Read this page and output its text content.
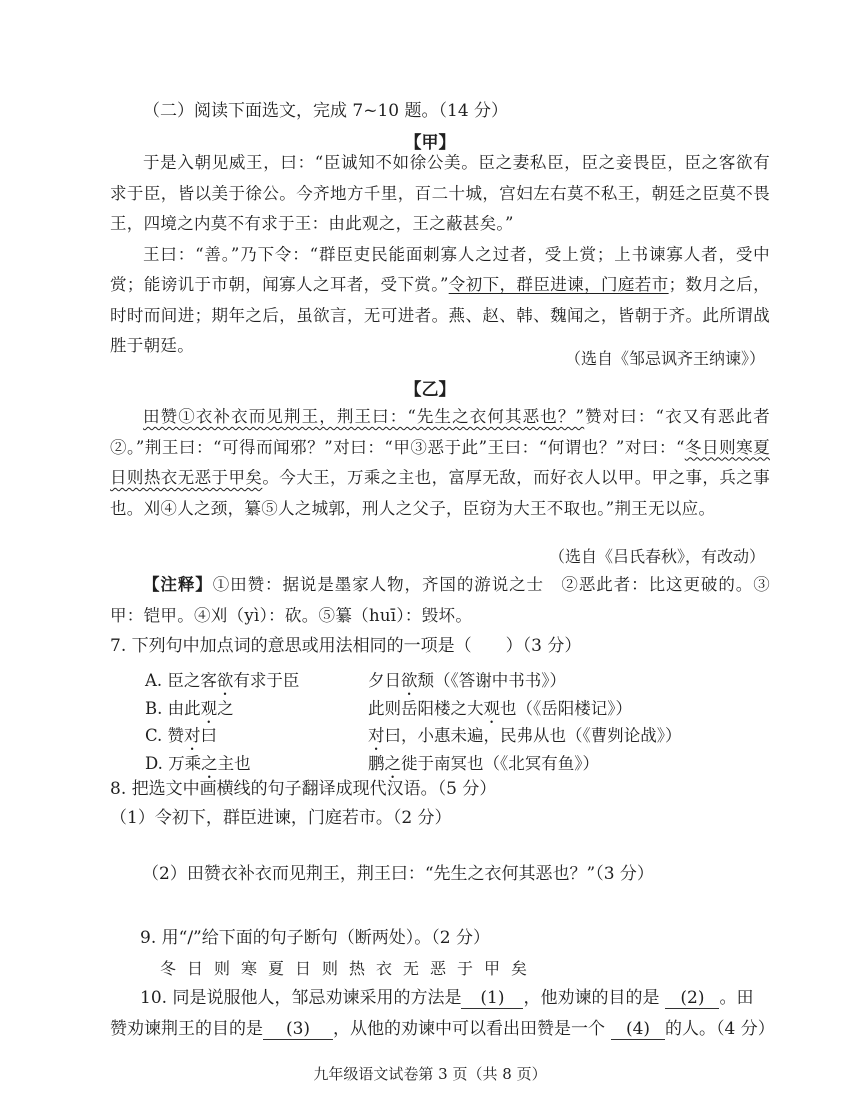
（二）阅读下面选文，完成 7~10 题。（14 分）
【甲】

于是入朝见威王，曰：“臣诚知不如徐公美。臣之妻私臣，臣之妾畏臣，臣之客欲有求于臣，皆以美于徐公。今齐地方千里，百二十城，宫妇左右莫不私王，朝廷之臣莫不畏王，四境之内莫不有求于王：由此观之，王之蔽甚矣。”

王曰：“善。”乃下令：“群臣吏民能面刺寡人之过者，受上赏；上书谏寡人者，受中赏；能谤讥于市朝，闻寡人之耳者，受下赏。”令初下，群臣进谏，门庭若市；数月之后，时时而间进；期年之后，虽欲言，无可进者。燕、赵、韩、魏闻之，皆朝于齐。此所谓战胜于朝廷。

（选自《邹忌讽齐王纳谏》）
【乙】

田赞①衣补衣而见荆王，荆王曰：“先生之衣何其恶也？”赞对曰：“衣又有恶此者②。”荆王曰：“可得而闻邪？”对曰：“甲③恶于此”王曰：“何谓也？”对曰：“冬日则寒夏日则热衣无恶于甲矣。今大王，万乘之主也，富厚无敌，而好衣人以甲。甲之事，兵之事也。刈④人之颈，纂⑤人之城郭，刑人之父子，臣窃为大王不取也。”荆王无以应。

（选自《吕氏春秋》，有改动）

【注释】①田赞：据说是墨家人物，齐国的游说之士　②恶此者：比这更破的。③甲：铠甲。④刈（yì）：砍。⑤纂（huī）：毁坏。

7. 下列句中加点词的意思或用法相同的一项是（　　）（3 分）
A. 臣之客欲有求于臣	夕日欲颓（《答谢中书书》）
B. 由此观之	此则岳阳楼之大观也（《岳阳楼记》）
C. 赞对曰	对曰，小惠未遍，民弗从也（《曹刿论战》）
D. 万乘之主也	鹏之徙于南冥也（《北冥有鱼》）
8. 把选文中画横线的句子翻译成现代汉语。（5 分）
（1）令初下，群臣进谏，门庭若市。（2 分）
（2）田赞衣补衣而见荆王，荆王曰：“先生之衣何其恶也？”（3 分）
9. 用“/”给下面的句子断句（断两处）。（2 分）
冬日则寒夏日则热衣无恶于甲矣
10. 同是说服他人，邹忌劝谏采用的方法是 (1) ，他劝谏的目的是 (2) 。田
赞劝谏荆王的目的是 (3) ，从他的劝谏中可以看出田赞是一个 (4) 的人。（4 分）
九年级语文试卷第 3 页（共 8 页）
